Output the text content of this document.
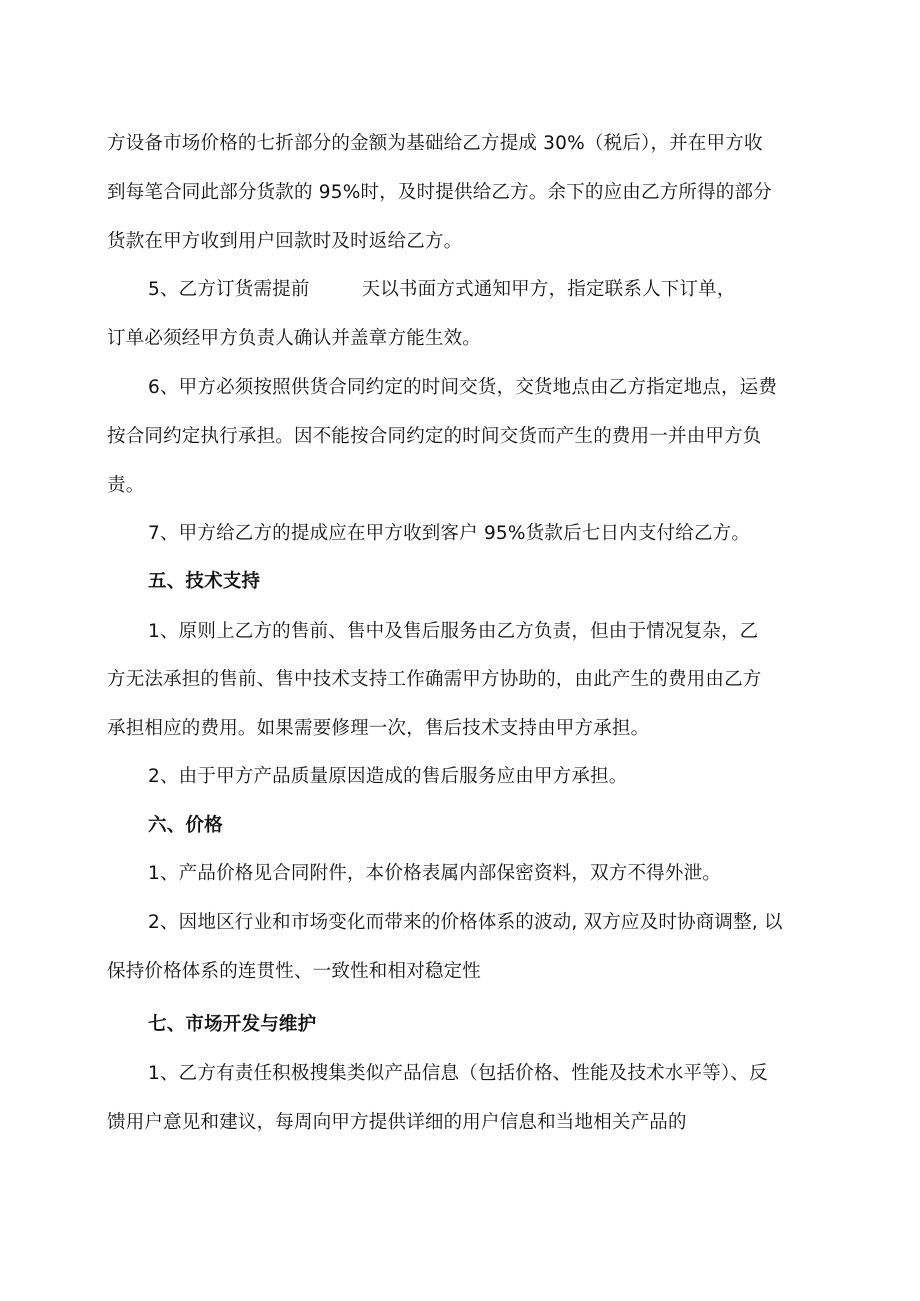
方设备市场价格的七折部分的金额为基础给乙方提成 30%（税后），并在甲方收
到每笔合同此部分货款的 95%时，及时提供给乙方。余下的应由乙方所得的部分
货款在甲方收到用户回款时及时返给乙方。
5、乙方订货需提前	天以书面方式通知甲方，指定联系人下订单，
订单必须经甲方负责人确认并盖章方能生效。
6、甲方必须按照供货合同约定的时间交货，交货地点由乙方指定地点，运费
按合同约定执行承担。因不能按合同约定的时间交货而产生的费用一并由甲方负
责。
7、甲方给乙方的提成应在甲方收到客户 95%货款后七日内支付给乙方。
五、技术支持
1、原则上乙方的售前、售中及售后服务由乙方负责，但由于情况复杂，乙
方无法承担的售前、售中技术支持工作确需甲方协助的，由此产生的费用由乙方
承担相应的费用。如果需要修理一次，售后技术支持由甲方承担。
2、由于甲方产品质量原因造成的售后服务应由甲方承担。
六、价格
1、产品价格见合同附件，本价格表属内部保密资料，双方不得外泄。
2、因地区行业和市场变化而带来的价格体系的波动, 双方应及时协商调整, 以
保持价格体系的连贯性、一致性和相对稳定性
七、市场开发与维护
1、乙方有责任积极搜集类似产品信息（包括价格、性能及技术水平等）、反
馈用户意见和建议，每周向甲方提供详细的用户信息和当地相关产品的
